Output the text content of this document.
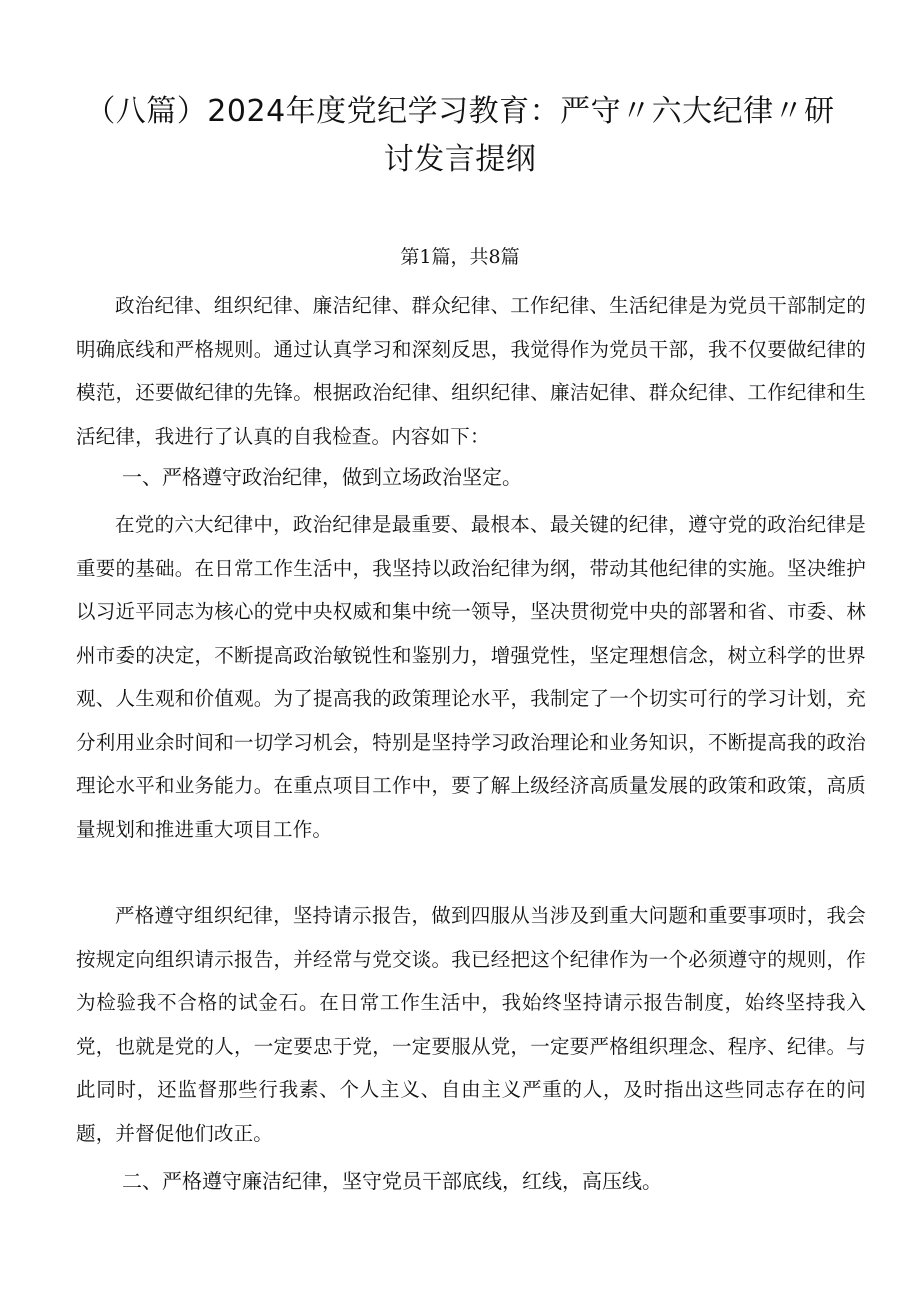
（八篇）2024年度党纪学习教育：严守〃六大纪律〃研
讨发言提纲
第1篇，共8篇

政治纪律、组织纪律、廉洁纪律、群众纪律、工作纪律、生活纪律是为党员干部制定的明确底线和严格规则。通过认真学习和深刻反思，我觉得作为党员干部，我不仅要做纪律的模范，还要做纪律的先锋。根据政治纪律、组织纪律、廉洁妃律、群众纪律、工作纪律和生活纪律，我进行了认真的自我检查。内容如下：

一、严格遵守政治纪律，做到立场政治坚定。

在党的六大纪律中，政治纪律是最重要、最根本、最关键的纪律，遵守党的政治纪律是重要的基础。在日常工作生活中，我坚持以政治纪律为纲，带动其他纪律的实施。坚决维护以习近平同志为核心的党中央权威和集中统一领导，坚决贯彻党中央的部署和省、市委、林州市委的决定，不断提高政治敏锐性和鉴别力，增强党性，坚定理想信念，树立科学的世界观、人生观和价值观。为了提高我的政策理论水平，我制定了一个切实可行的学习计划，充分利用业余时间和一切学习机会，特别是坚持学习政治理论和业务知识，不断提高我的政治理论水平和业务能力。在重点项目工作中，要了解上级经济高质量发展的政策和政策，高质量规划和推进重大项目工作。

严格遵守组织纪律，坚持请示报告，做到四服从当涉及到重大问题和重要事项时，我会按规定向组织请示报告，并经常与党交谈。我已经把这个纪律作为一个必须遵守的规则，作为检验我不合格的试金石。在日常工作生活中，我始终坚持请示报告制度，始终坚持我入党，也就是党的人，一定要忠于党，一定要服从党，一定要严格组织理念、程序、纪律。与此同时，还监督那些行我素、个人主义、自由主义严重的人，及时指出这些同志存在的问题，并督促他们改正。

二、严格遵守廉洁纪律，坚守党员干部底线，红线，高压线。
